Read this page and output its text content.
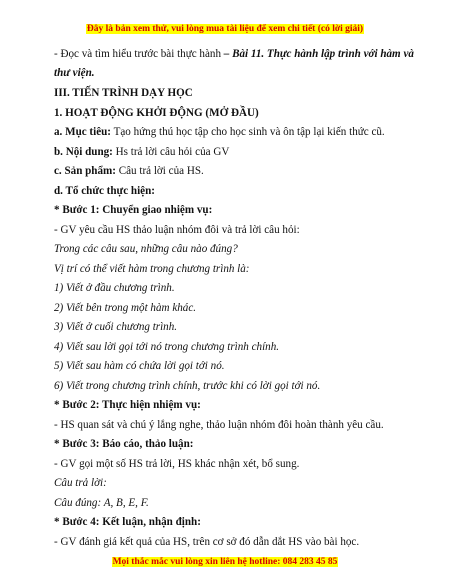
Đây là bản xem thử, vui lòng mua tài liệu để xem chi tiết (có lời giải)
- Đọc và tìm hiểu trước bài thực hành – Bài 11. Thực hành lập trình với hàm và
thư viện.
III. TIẾN TRÌNH DẠY HỌC
1. HOẠT ĐỘNG KHỞI ĐỘNG (MỞ ĐẦU)
a. Mục tiêu: Tạo hứng thú học tập cho học sinh và ôn tập lại kiến thức cũ.
b. Nội dung: Hs trả lời câu hỏi của GV
c. Sản phẩm: Câu trả lời của HS.
d. Tổ chức thực hiện:
* Bước 1: Chuyển giao nhiệm vụ:
- GV yêu cầu HS thảo luận nhóm đôi và trả lời câu hỏi:
Trong các câu sau, những câu nào đúng?
Vị trí có thể viết hàm trong chương trình là:
1) Viết ở đầu chương trình.
2) Viết bên trong một hàm khác.
3) Viết ở cuối chương trình.
4) Viết sau lời gọi tới nó trong chương trình chính.
5) Viết sau hàm có chứa lời gọi tới nó.
6) Viết trong chương trình chính, trước khi có lời gọi tới nó.
* Bước 2: Thực hiện nhiệm vụ:
- HS quan sát và chú ý lắng nghe, thảo luận nhóm đôi hoàn thành yêu cầu.
* Bước 3: Báo cáo, thảo luận:
- GV gọi một số HS trả lời, HS khác nhận xét, bổ sung.
Câu trả lời:
Câu đúng: A, B, E, F.
* Bước 4: Kết luận, nhận định:
- GV đánh giá kết quả của HS, trên cơ sở đó dẫn dắt HS vào bài học.
Mọi thắc mắc vui lòng xin liên hệ hotline: 084 283 45 85
